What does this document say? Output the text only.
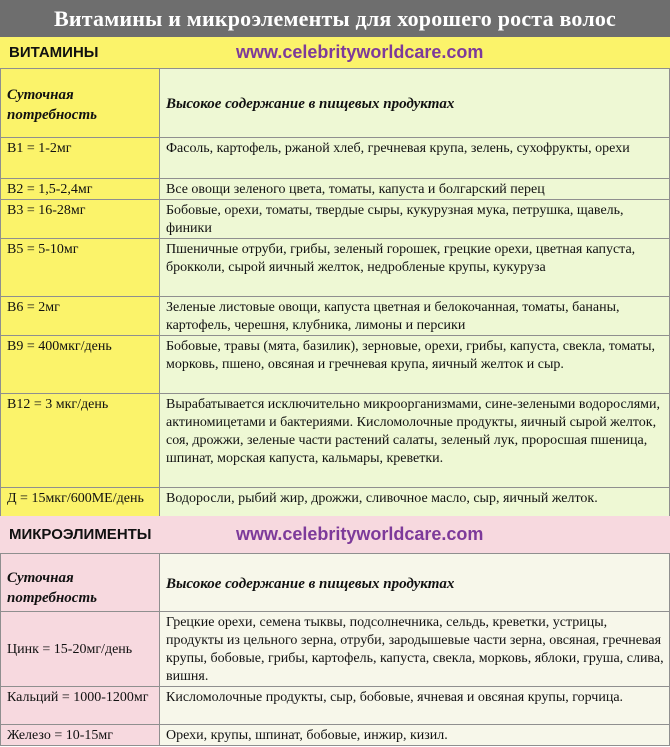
Витамины и микроэлементы для хорошего роста волос
ВИТАМИНЫ	www.celebrityworldcare.com
Суточная потребность	Высокое содержание в пищевых продуктах
В1 = 1-2мг	Фасоль, картофель, ржаной хлеб, гречневая крупа, зелень, сухофрукты, орехи
В2 = 1,5-2,4мг	Все овощи зеленого цвета, томаты, капуста и болгарский перец
В3 = 16-28мг	Бобовые, орехи, томаты, твердые сыры, кукурузная мука, петрушка, щавель, финики
В5 = 5-10мг	Пшеничные отруби, грибы, зеленый горошек, грецкие орехи, цветная капуста, брокколи, сырой яичный желток, недробленые крупы, кукуруза
В6 = 2мг	Зеленые листовые овощи, капуста цветная и белокочанная, томаты, бананы, картофель, черешня, клубника, лимоны и персики
В9 = 400мкг/день	Бобовые, травы (мята, базилик), зерновые, орехи, грибы, капуста, свекла, томаты, морковь, пшено, овсяная и гречневая крупа, яичный желток и сыр.
В12 = 3 мкг/день	Вырабатывается исключительно микроорганизмами, сине-зелеными водорослями, актиномицетами и бактериями. Кисломолочные продукты, яичный сырой желток, соя, дрожжи, зеленые части растений салаты, зеленый лук, проросшая пшеница, шпинат, морская капуста, кальмары, креветки.
Д = 15мкг/600МЕ/день	Водоросли, рыбий жир, дрожжи, сливочное масло, сыр, яичный желток.
МИКРОЭЛИМЕНТЫ	www.celebrityworldcare.com
Суточная потребность	Высокое содержание в пищевых продуктах
Цинк = 15-20мг/день	Грецкие орехи, семена тыквы, подсолнечника, сельдь, креветки, устрицы, продукты из цельного зерна, отруби, зародышевые части зерна, овсяная, гречневая крупы, бобовые, грибы, картофель, капуста, свекла, морковь, яблоки, груша, слива, вишня.
Кальций = 1000-1200мг	Кисломолочные продукты, сыр, бобовые, ячневая и овсяная крупы, горчица.
Железо = 10-15мг	Орехи, крупы, шпинат, бобовые, инжир, кизил.
